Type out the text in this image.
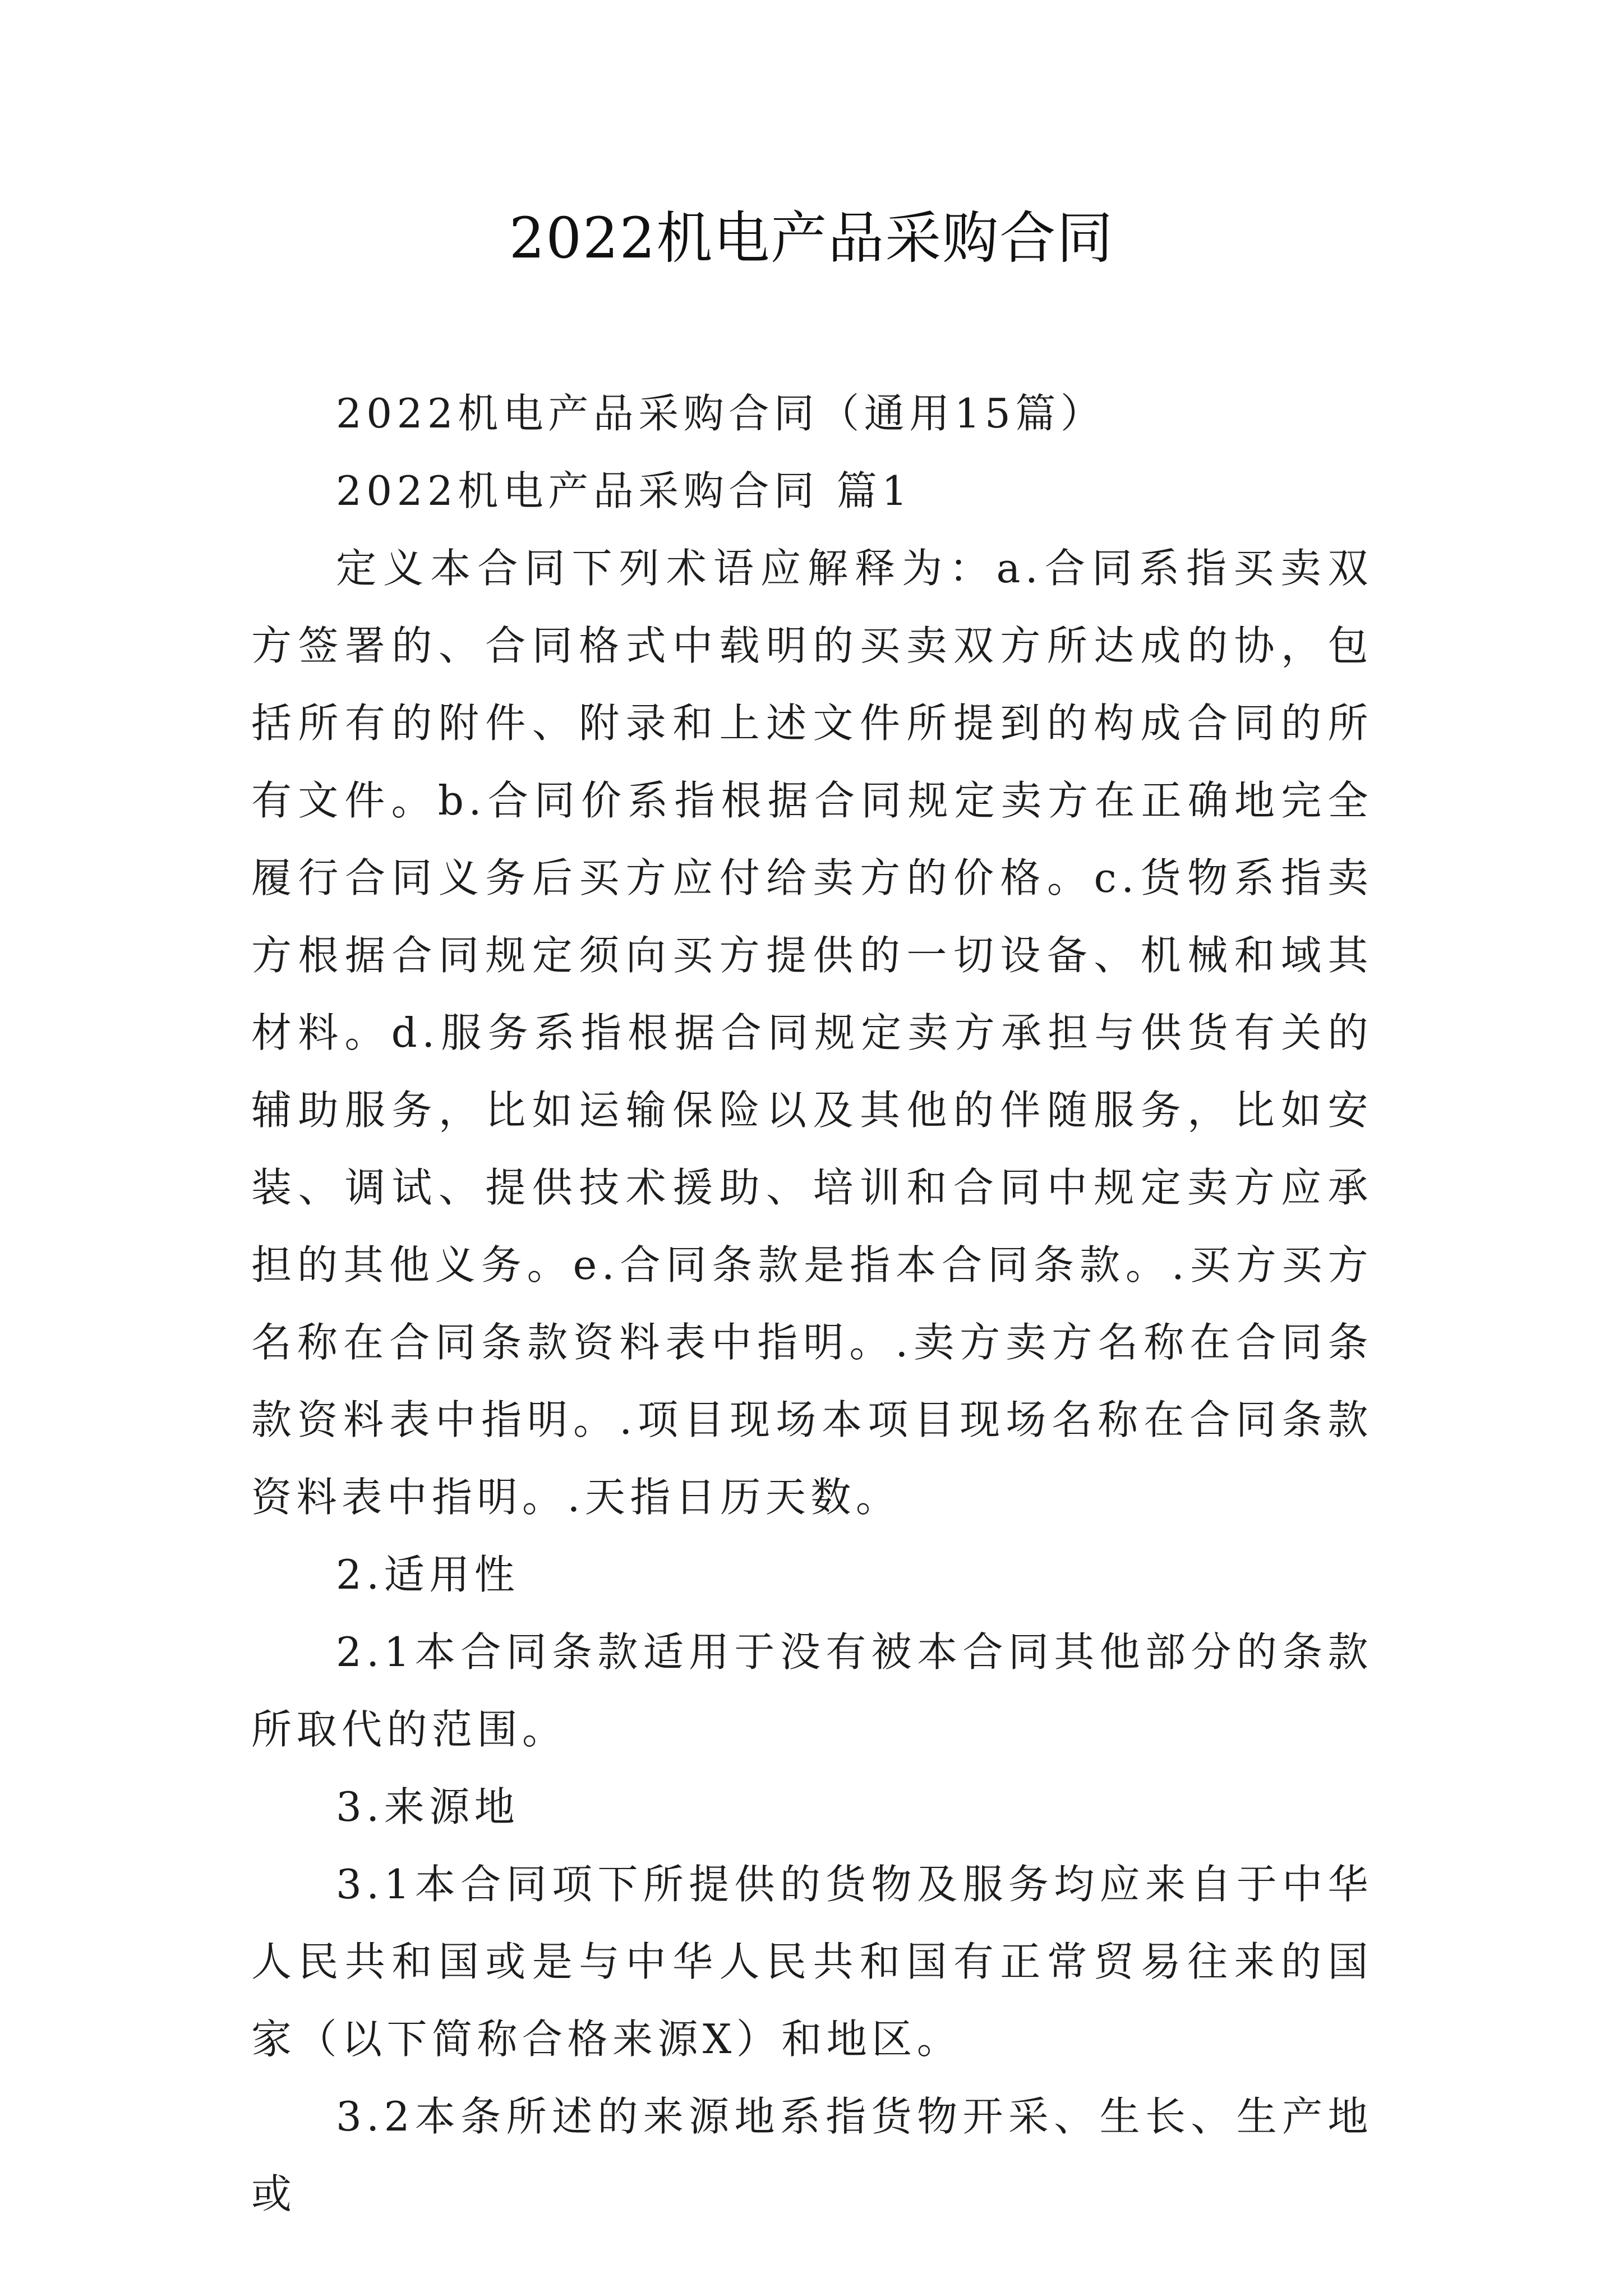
2022机电产品采购合同

2022机电产品采购合同（通用15篇）

2022机电产品采购合同 篇1

定义本合同下列术语应解释为：a.合同系指买卖双方签署的、合同格式中载明的买卖双方所达成的协，包括所有的附件、附录和上述文件所提到的构成合同的所有文件。b.合同价系指根据合同规定卖方在正确地完全履行合同义务后买方应付给卖方的价格。c.货物系指卖方根据合同规定须向买方提供的一切设备、机械和域其材料。d.服务系指根据合同规定卖方承担与供货有关的辅助服务，比如运输保险以及其他的伴随服务，比如安装、调试、提供技术援助、培训和合同中规定卖方应承担的其他义务。e.合同条款是指本合同条款。.买方买方名称在合同条款资料表中指明。.卖方卖方名称在合同条款资料表中指明。.项目现场本项目现场名称在合同条款资料表中指明。.天指日历天数。

2.适用性

2.1本合同条款适用于没有被本合同其他部分的条款所取代的范围。

3.来源地

3.1本合同项下所提供的货物及服务均应来自于中华人民共和国或是与中华人民共和国有正常贸易往来的国家（以下简称合格来源X）和地区。

3.2本条所述的来源地系指货物开采、生长、生产地或
